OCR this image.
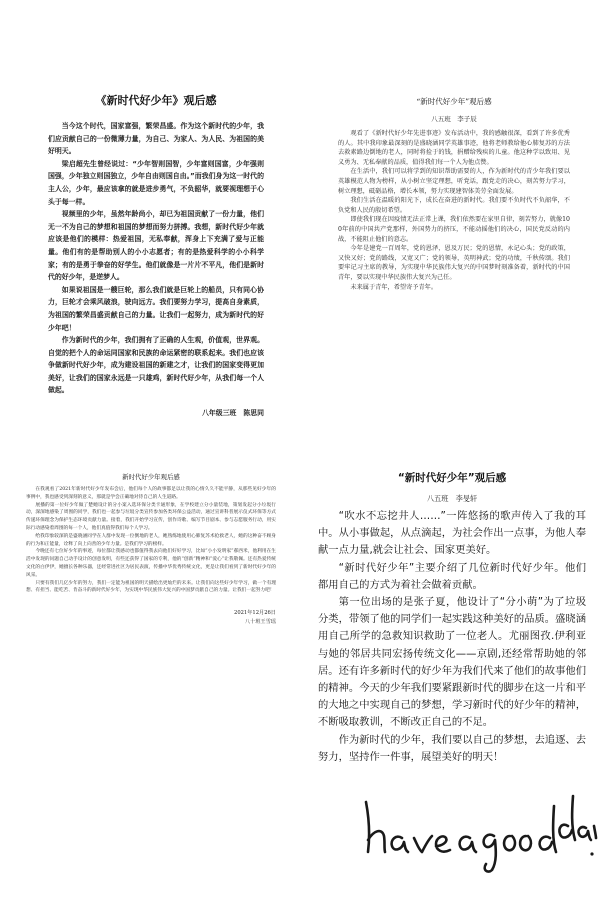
《新时代好少年》观后感

当今这个时代，国家富强，繁荣昌盛。作为这个新时代的少年，我们应贡献自己的一份微薄力量，为自己、为家人、为人民、为祖国的美好明天。

梁启超先生曾经说过：“少年智则国智，少年富则国富，少年强则国强，少年独立则国独立，少年自由则国自由。”而我们身为这一时代的主人公，少年，最应该拿的就是进步勇气，不负韶华，就要视理想于心头于每一样。

视频里的少年，虽然年龄尚小，却已为祖国贡献了一份力量，他们无一不为自己的梦想和祖国的梦想而努力拼搏。我想，新时代好少年就应该是他们的模样：热爱祖国，无私奉献，浑身上下充满了爱与正能量。他们有的是帮助别人的小小志愿者；有的是热爱科学的小小科学家；有的是勇于拳奋的好学生。他们就像是一片片不平凡，他们是新时代的好少年，是逆梦人。

如果说祖国是一艘巨轮，那么我们就是巨轮上的船员，只有同心协力，巨轮才会乘风破浪，驶向远方。我们要努力学习，提高自身素质，为祖国的繁荣昌盛贡献自己的力量。让我们一起努力，成为新时代的好少年吧！

作为新时代的少年，我们拥有了正确的人生观，价值观，世界观。自觉的把个人的命运同国家和民族的命运紧密的联系起来。我们也应该争做新时代好少年，成为建设祖国的新建之才，让我们的国家变得更加美好，让我们的国家永远是一只雄鸡，新时代好少年，从我们每一个人做起。

八年级三班　陈思同
“新时代好少年”观后感
八五班　李子辰

观看了《新时代好少年先进事迹》发布活动中，我的感触很深，看到了许多优秀的人。其中我印象最深刻的是盛晓涵同学英雄事迹，他将老师教给他心肺复苏的方法去救素路边倒地的老人，同时将捡于的钱，捐赠给残疾的儿童。他这种学以致用、见义勇为、无私奉献的品质，值得我们每一个人为他点赞。

在生活中，我们可以将学到的知识帮助需要的人，作为新时代的青少年我们要以英雄模范人物为榜样，从小树立坚定理想，听党话，跟党走的决心，刻苦努力学习，树立理想，砥砺品格，增长本领，努力实现建智体美劳全面发展。

我们生活在温暖的阳光下，成长在奋进的新时代。我们要不负时代不负韶华，不负党和人民的殷切希望。

即使我们现在因疫情无法正常上课，我们依然要在家里自律，刻苦努力，就像100年前的中国共产党那样，外国势力的挤压，不能动摇他们的决心，国民党反动的内战，不能阻止他们的意志。

今年是建党一百周年，党的恩泽，恩及万民；党的恩情，永记心头；党的政策，又快又好；党的路线，又宽又广；党的领导，英明神武；党的功绩，千秋传颂。我们要牢记习主席的教导，为实现中华民族伟大复兴的中国梦时刻准备着，新时代的中国青年，要以实现中华民族伟大复兴为己任。

未来属于青年，希望寄予青年。

新时代好少年观后感

在我观看了2021年新时代好少年发布会后，他们每个人的故事都足以让我的心情久久不能平静，从那些见好少年的事例中，我也感受到深刻的意义，那就是学会正确地对待自己的人生道路。

展播的第一位好少年做了楚她设计的分小案入选环保分类卡通形象，在学校建立分小量装地，策划发起分小垃圾行动，深深地感染了周围的同学，我们也一起参与垃圾分类宣传参加各类环保公益活动，通过宣讲科普展示仪式环保等方式传递环保理念为保护生态环境贡献力量。接着，我们开始学习宣传，创作诗歌、编写节目剧本、参与志愿服务行动，用实际行动感染着周围的每一个人，他们真值得我们每个人学习。

给我印象较深的是盛晓涵同学在人群中发现一位倒地的老人，她熟练地使用心肺复苏术抢救老人，她的这种奋不顾身的行为和正能量，诠释了向上向善的少年力量。是我们学习的榜样。

今晚还有七位好少年的事迹，每位都让我感动也都值得我去向他们好好学习，比如“小小发明家”郝西米，他利用在生活中发现的问题自己动手设计的创意发明，有些还获得了国家的专利，他的“创新”精神和“爱心”让我敬佩。还有热爱传统文化的白伊伊，她擅长各种乐器，还经常进社区为居民表演，传播中华优秀传统文化，更是让我们看到了新时代好少年的风采。

只要有我们几亿少年的努力，我们一定能为祖国的明天描绘出更灿烂的未来。让我们向这些好少年学习，做一个有理想、有担当、能吃苦、肯奋斗的新时代好少年，为实现中华民族伟大复兴的中国梦贡献自己的力量。让我们一起努力吧！

2021年12月26日
八十班王雪瑶
“新时代好少年”观后感
八五班　李旻轩

“吹水不忘挖井人……”一阵悠扬的歌声传入了我的耳中。从小事做起，从点滴起，为社会作出一点事，为他人奉献一点力量,就会让社会、国家更美好。

“新时代好少年”主要介绍了几位新时代好少年。他们都用自己的方式为着社会做着贡献。

第一位出场的是张子夏，他设计了“分小萌”为了垃圾分类，带领了他的同学们一起实践这种美好的品质。盛晓涵用自己所学的急救知识救助了一位老人。尤丽图孜.伊利亚与她的邻居共同宏扬传统文化——京剧,还经常帮助她的邻居。还有许多新时代的好少年为我们代来了他们的故事他们的精神。今天的少年我们要紧跟新时代的脚步在这一片和平的大地之中实现自己的梦想，学习新时代的好少年的精神，不断吸取教训，不断改正自己的不足。

作为新时代的少年，我们要以自己的梦想，去追逐、去努力，坚持作一件事，展望美好的明天！
